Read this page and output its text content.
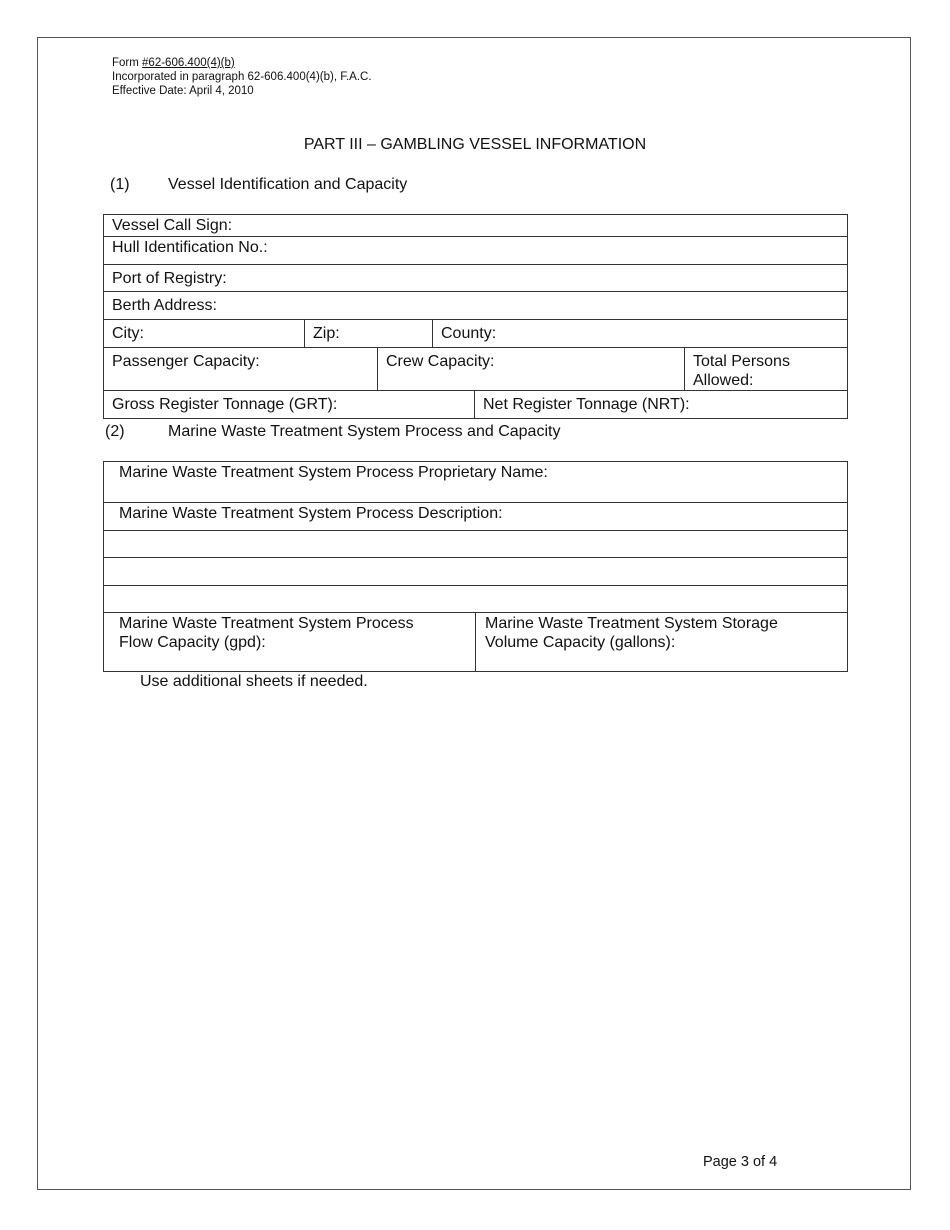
Form #62-606.400(4)(b)
Incorporated in paragraph 62-606.400(4)(b), F.A.C.
Effective Date: April 4, 2010
PART III – GAMBLING VESSEL INFORMATION
(1) Vessel Identification and Capacity
Vessel Call Sign:					
Hull Identification No.:					
Port of Registry:					
Berth Address:					
City:	Zip:		County:		
Passenger Capacity:		Crew Capacity:			Total Persons Allowed:
Gross Register Tonnage (GRT):				Net Register Tonnage (NRT):	
(2)	Marine Waste Treatment System Process and Capacity
Marine Waste Treatment System Process Proprietary Name:
Marine Waste Treatment System Process Description:

Marine Waste Treatment System Process
Flow Capacity (gpd):

Marine Waste Treatment System Storage
Volume Capacity (gallons):
Use additional sheets if needed.
Page 3 of 4
